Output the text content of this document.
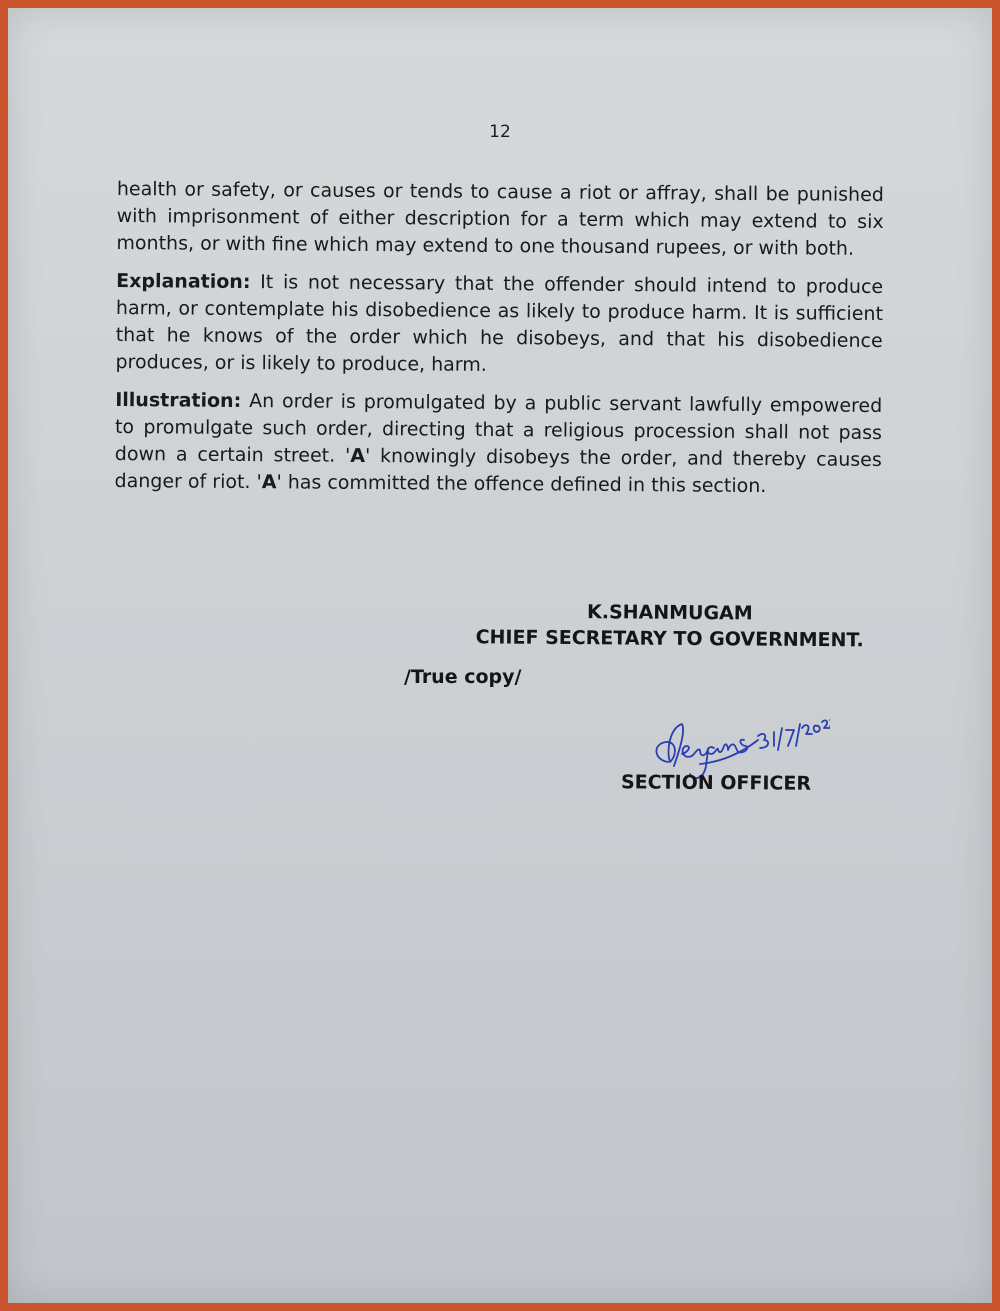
12

health or safety, or causes or tends to cause a riot or affray, shall be punished with imprisonment of either description for a term which may extend to six months, or with fine which may extend to one thousand rupees, or with both.

Explanation: It is not necessary that the offender should intend to produce harm, or contemplate his disobedience as likely to produce harm. It is sufficient that he knows of the order which he disobeys, and that his disobedience produces, or is likely to produce, harm.

Illustration: An order is promulgated by a public servant lawfully empowered to promulgate such order, directing that a religious procession shall not pass down a certain street. 'A' knowingly disobeys the order, and thereby causes danger of riot. 'A' has committed the offence defined in this section.

K.SHANMUGAM
CHIEF SECRETARY TO GOVERNMENT.
/True copy/
SECTION OFFICER
